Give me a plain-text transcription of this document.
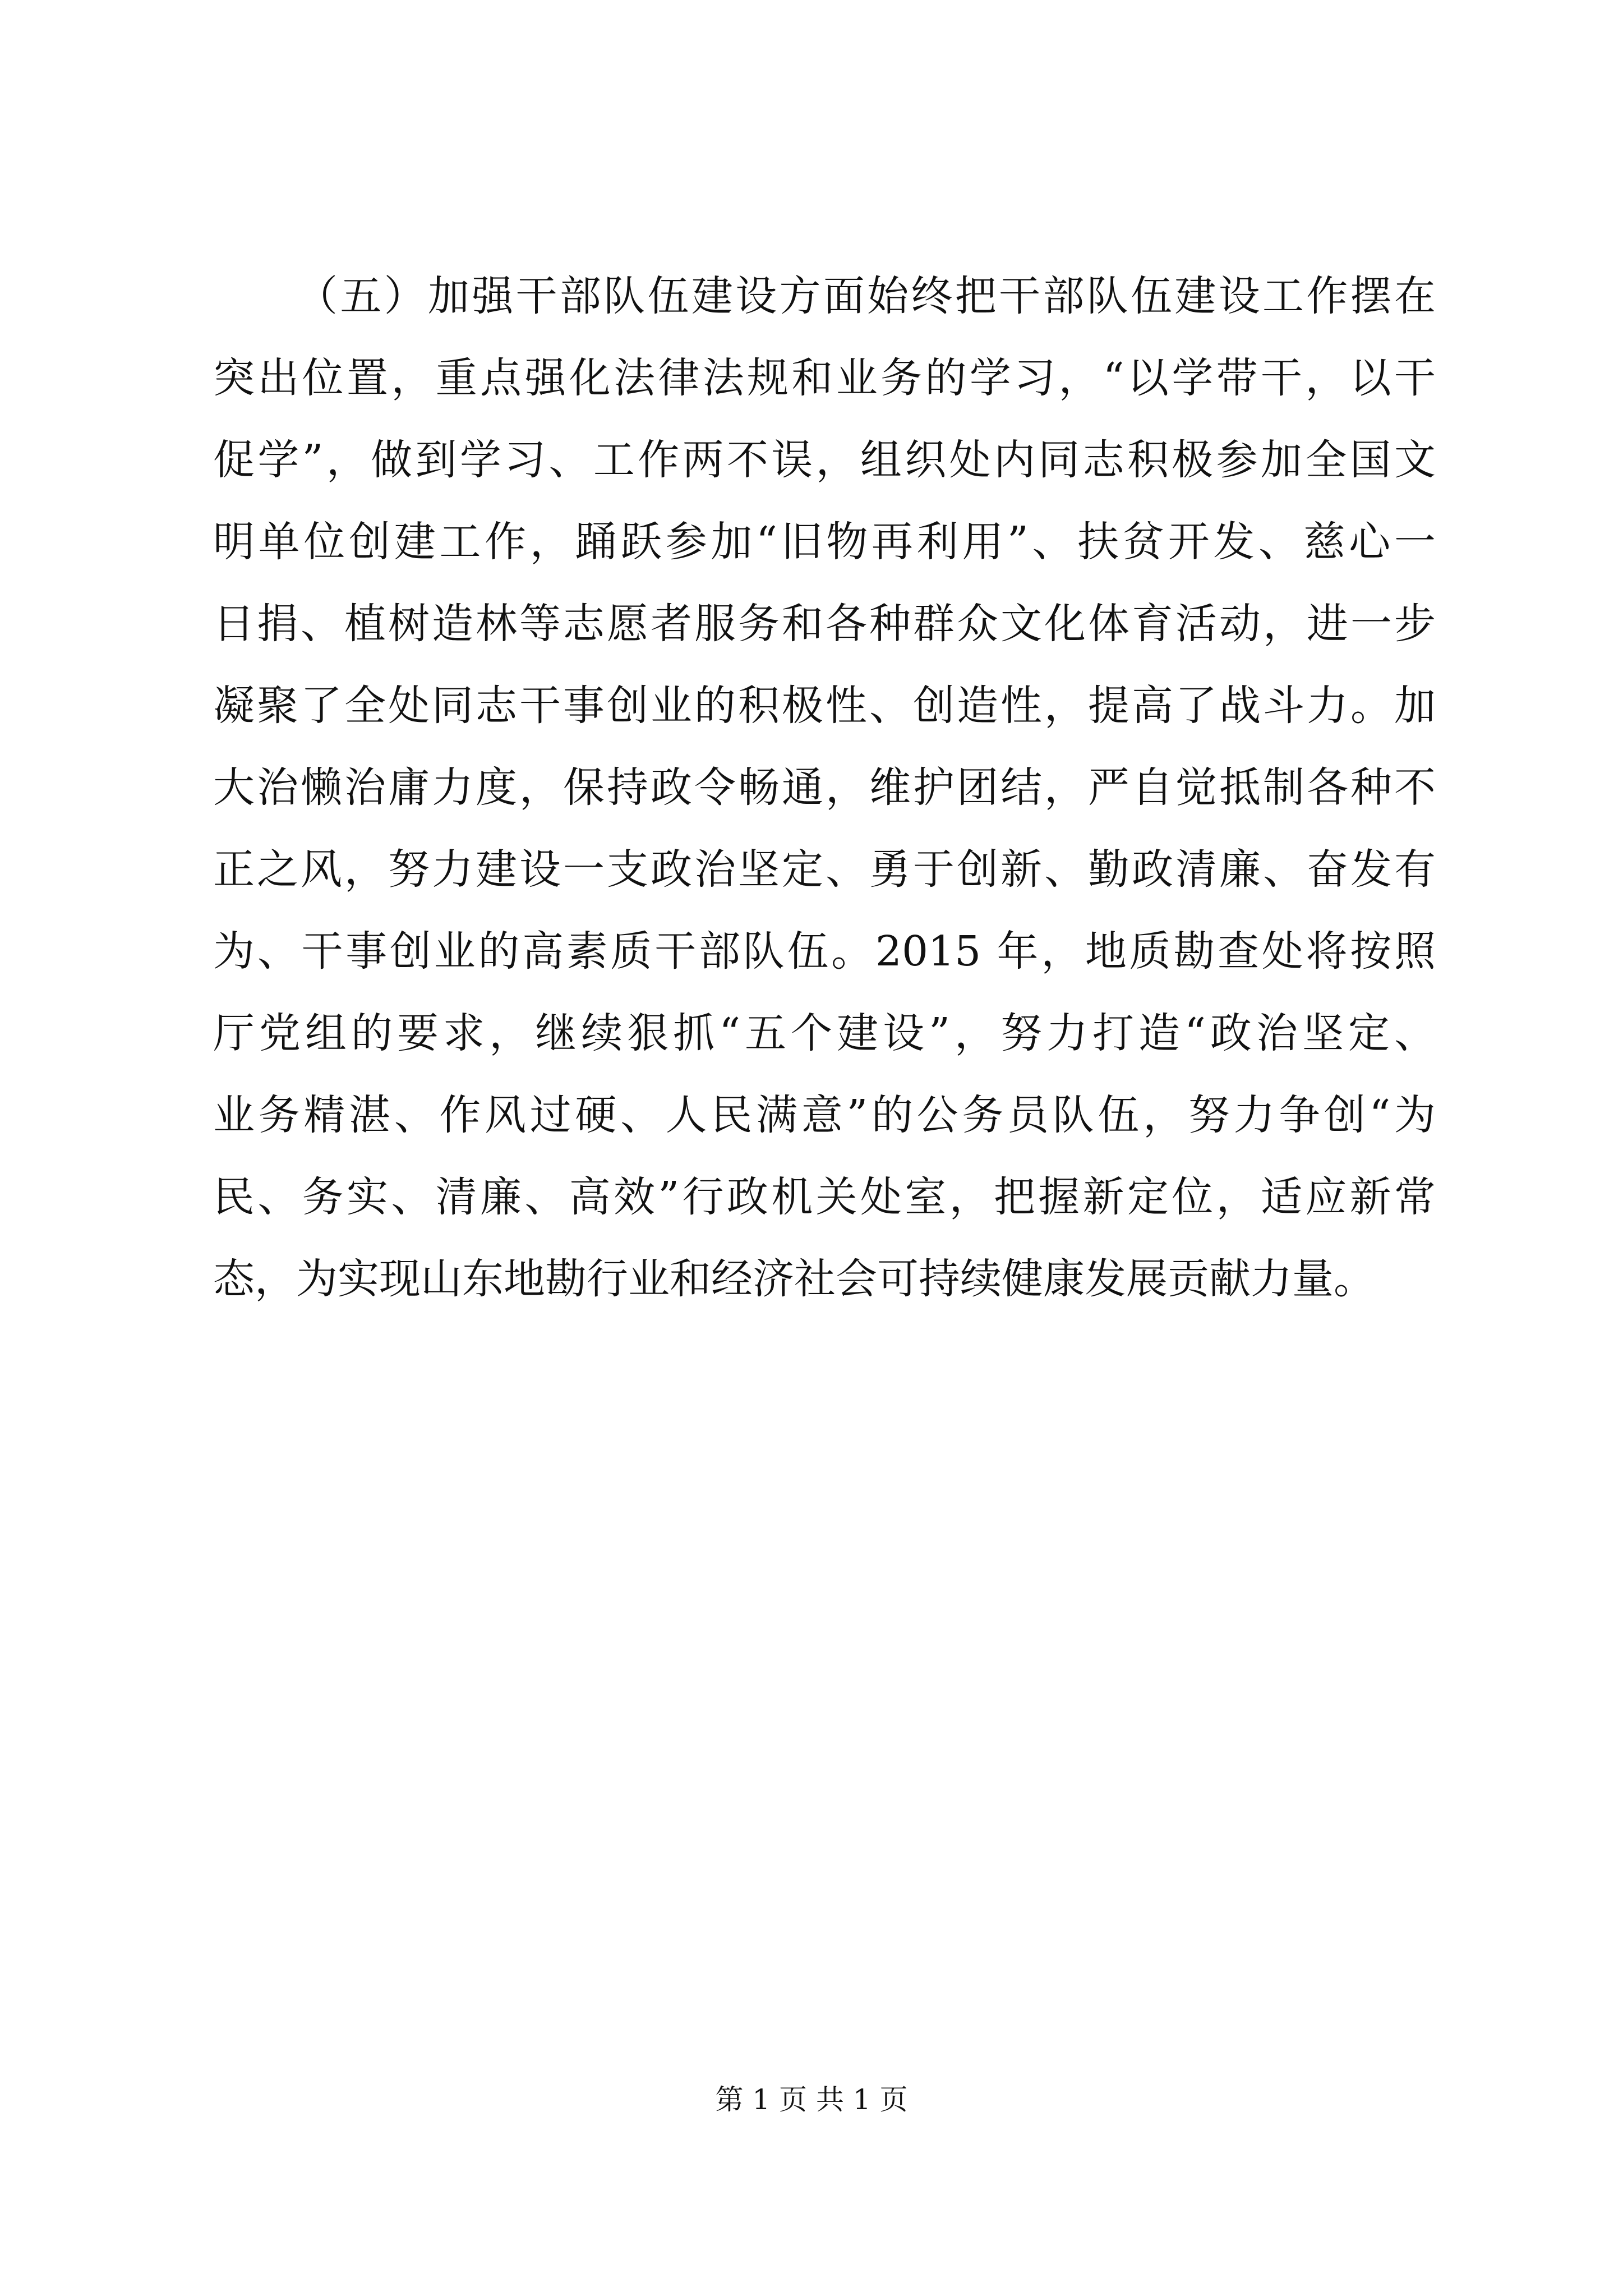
（五）加强干部队伍建设方面始终把干部队伍建设工作摆在
突出位置，重点强化法律法规和业务的学习，“以学带干，以干
促学”，做到学习、工作两不误，组织处内同志积极参加全国文
明单位创建工作，踊跃参加“旧物再利用”、扶贫开发、慈心一
日捐、植树造林等志愿者服务和各种群众文化体育活动，进一步
凝聚了全处同志干事创业的积极性、创造性，提高了战斗力。加
大治懒治庸力度，保持政令畅通，维护团结，严自觉抵制各种不
正之风，努力建设一支政治坚定、勇于创新、勤政清廉、奋发有
为、干事创业的高素质干部队伍。2015 年，地质勘查处将按照
厅党组的要求，继续狠抓“五个建设”，努力打造“政治坚定、
业务精湛、作风过硬、人民满意”的公务员队伍，努力争创“为
民、务实、清廉、高效”行政机关处室，把握新定位，适应新常
态，为实现山东地勘行业和经济社会可持续健康发展贡献力量。

第 1 页 共 1 页
